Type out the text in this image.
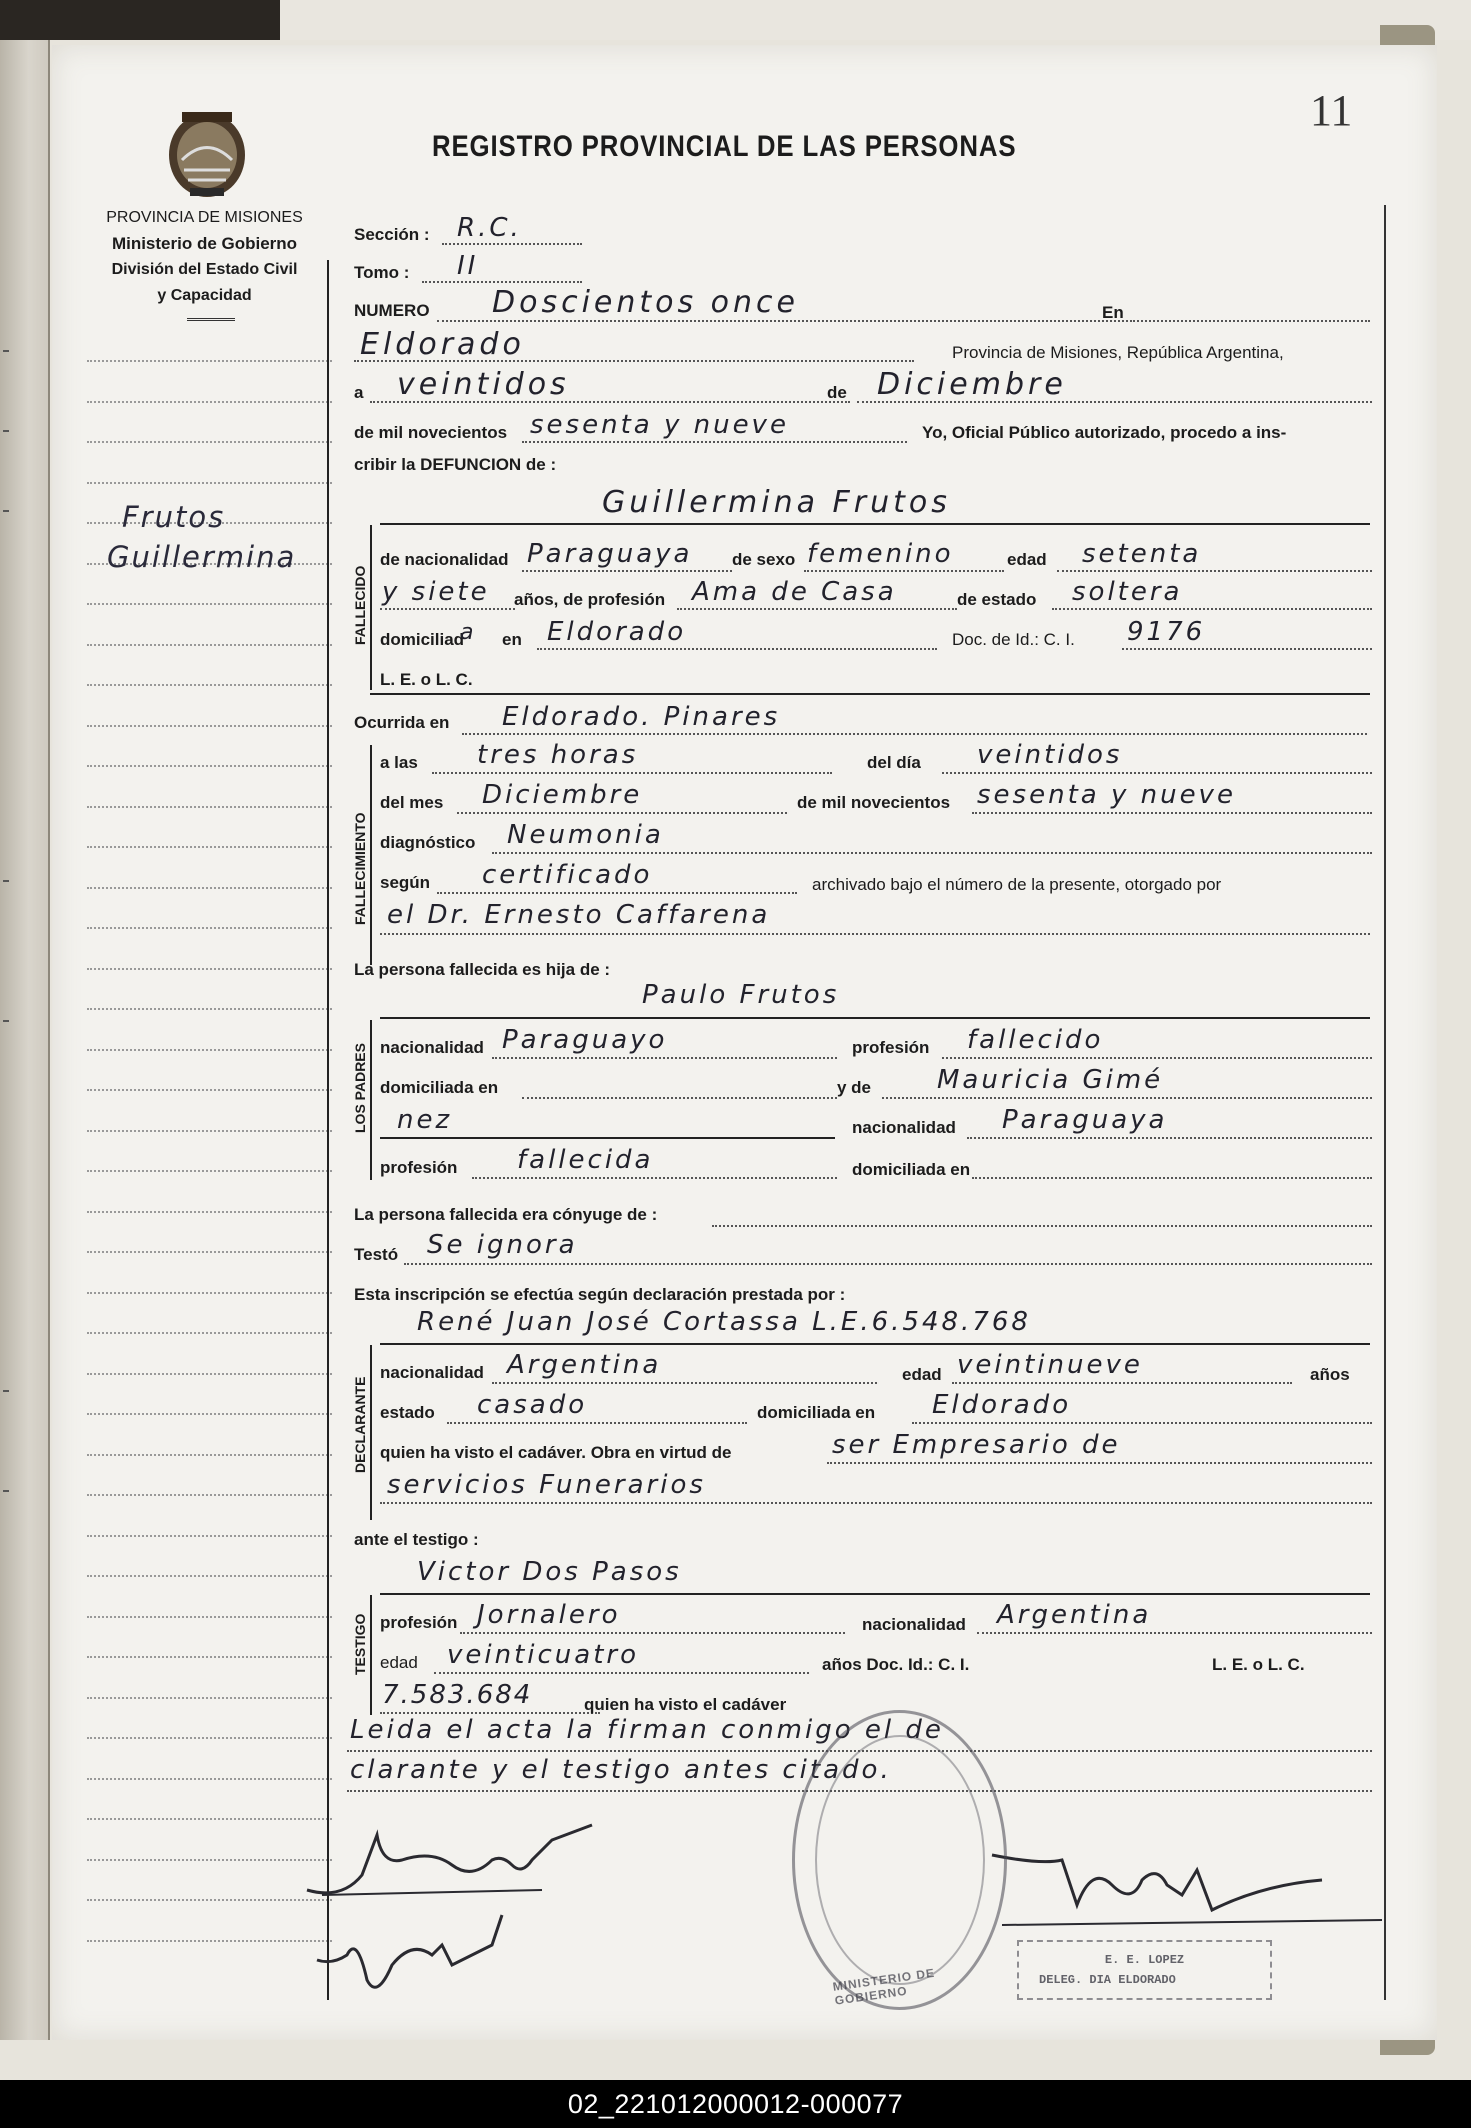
11
PROVINCIA DE MISIONES
Ministerio de Gobierno
División del Estado Civil
y Capacidad
REGISTRO PROVINCIAL DE LAS PERSONAS
Frutos
Guillermina
Sección : R.C.
Tomo : II
NUMERO Doscientos once	En
Eldorado	Provincia de Misiones, República Argentina,
a veintidos	de Diciembre
de mil novecientos sesenta y nueve	Yo, Oficial Público autorizado, procedo a ins-
cribir la DEFUNCION de :
Guillermina Frutos
FALLECIDO
de nacionalidad Paraguaya de sexo femenino	edad setenta
y siete años, de profesión Ama de Casa	de estado soltera
domiciliad
a en Eldorado	Doc. de Id.: C. I. 9176
L. E. o L. C.
Ocurrida en Eldorado. Pinares
FALLECIMIENTO
a las tres horas	del día veintidos
del mes Diciembre	de mil novecientos sesenta y nueve
diagnóstico Neumonia
según certificado	archivado bajo el número de la presente, otorgado por
el Dr. Ernesto Caffarena
La persona fallecida es hija de :
Paulo Frutos
LOS PADRES nacionalidad Paraguayo	profesión fallecido
domiciliada en	y de	Mauricia Gimé
nez	nacionalidad Paraguaya
profesión fallecida	domiciliada en
La persona fallecida era cónyuge de :
Testó Se ignora
Esta inscripción se efectúa según declaración prestada por :
René Juan José Cortassa L.E.6.548.768
DECLARANTE
nacionalidad Argentina	edad veintinueve	años
estado casado	domiciliada en Eldorado
quien ha visto el cadáver. Obra en virtud de	ser Empresario de
servicios Funerarios
ante el testigo :
Victor Dos Pasos
TESTIGO profesión Jornalero	nacionalidad Argentina
edad veinticuatro	años Doc. Id.: C. I.	L. E. o L. C.
7.583.684	quien ha visto el cadáver
Leida el acta la firman conmigo el de
clarante y el testigo antes citado.
MINISTERIO DE GOBIERNO
E. E. LOPEZ
DELEG. DIA ELDORADO
02_221012000012-000077
